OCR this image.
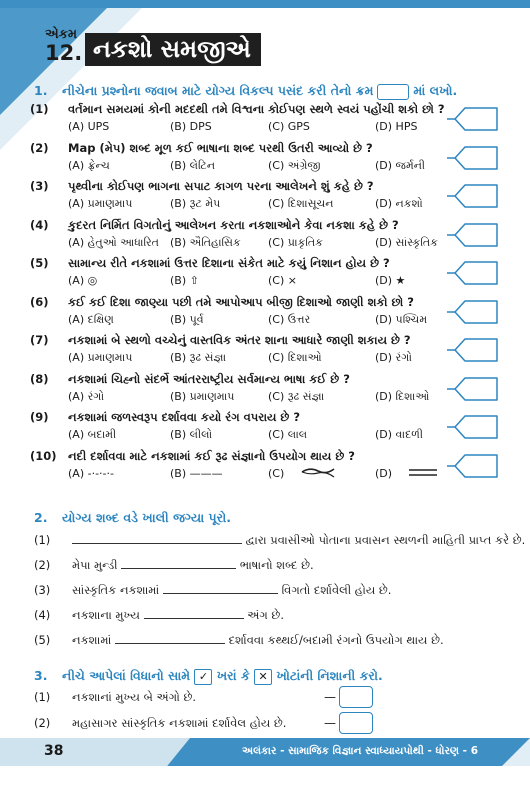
એકમ
12. નકશો સમજીએ
1. નીચેના પ્રશ્નોના જવાબ માટે યોગ્ય વિકલ્પ પસંદ કરી તેનો ક્રમ	માં લખો.
(1) વર્તમાન સમયમાં કોની મદદથી તમે વિશ્વના કોઈપણ સ્થળે સ્વયં પહોંચી શકો છો ?
(A) UPS	(B) DPS	(C) GPS	(D) HPS
(2) Map (મેપ) શબ્દ મૂળ કઈ ભાષાના શબ્દ પરથી ઉતરી આવ્યો છે ?
(A) ફ્રેન્ચ	(B) લેટિન	(C) અંગ્રેજી	(D) જર્મની
(3) પૃથ્વીના કોઈપણ ભાગના સપાટ કાગળ પરના આલેખને શું કહે છે ?
(A) પ્રમાણમાપ	(B) રૂટ મેપ	(C) દિશાસૂચન	(D) નકશો
(4) કુદરત નિર્મિત વિગતોનું આલેખન કરતા નકશાઓને કેવા નકશા કહે છે ?
(A) હેતુઓ આધારિત (B) ઐતિહાસિક (C) પ્રાકૃતિક	(D) સાંસ્કૃતિક
(5) સામાન્ય રીતે નકશામાં ઉત્તર દિશાના સંકેત માટે કયું નિશાન હોય છે ?
(A) ◎	(B) ⇧	(C) ×	(D) ★
(6) કઈ કઈ દિશા જાણ્યા પછી તમે આપોઆપ બીજી દિશાઓ જાણી શકો છો ?
(A) દક્ષિણ	(B) પૂર્વ	(C) ઉત્તર	(D) પશ્ચિમ
(7) નકશામાં બે સ્થળો વચ્ચેનું વાસ્તવિક અંતર શાના આધારે જાણી શકાય છે ?
(A) પ્રમાણમાપ	(B) રૂઢ સંજ્ઞા	(C) દિશાઓ	(D) રંગો
(8) નકશામાં ચિહ્નો સંદર્ભે આંતરરાષ્ટ્રીય સર્વમાન્ય ભાષા કઈ છે ?
(A) રંગો	(B) પ્રમાણમાપ	(C) રૂઢ સંજ્ઞા	(D) દિશાઓ
(9) નકશામાં જળસ્વરૂપ દર્શાવવા કયો રંગ વપરાય છે ?
(A) બદામી	(B) લીલો	(C) લાલ	(D) વાદળી
(10) નદી દર્શાવવા માટે નકશામાં કઈ રૂઢ સંજ્ઞાનો ઉપયોગ થાય છે ?
(A) -·-·-·-	(B) ———	(C)	(D)
2. યોગ્ય શબ્દ વડે ખાલી જગ્યા પૂરો.
(1)	દ્વારા પ્રવાસીઓ પોતાના પ્રવાસન સ્થળની માહિતી પ્રાપ્ત કરે છે.
(2) મેપા મુન્ડી	ભાષાનો શબ્દ છે.
(3) સાંસ્કૃતિક નકશામાં	વિગતો દર્શાવેલી હોય છે.
(4) નકશાના મુખ્ય	અંગ છે.
(5) નકશામાં	દર્શાવવા કથ્થઈ/બદામી રંગનો ઉપયોગ થાય છે.
3. નીચે આપેલાં વિધાનો સામે ✓ ખરાં કે ✕ ખોટાંની નિશાની કરો.
(1) નકશાનાં મુખ્ય બે અંગો છે.	—
(2) મહાસાગર સાંસ્કૃતિક નકશામાં દર્શાવેલ હોય છે.	—
38	અલંકાર - સામાજિક વિજ્ઞાન સ્વાધ્યાયપોથી - ધોરણ - 6
